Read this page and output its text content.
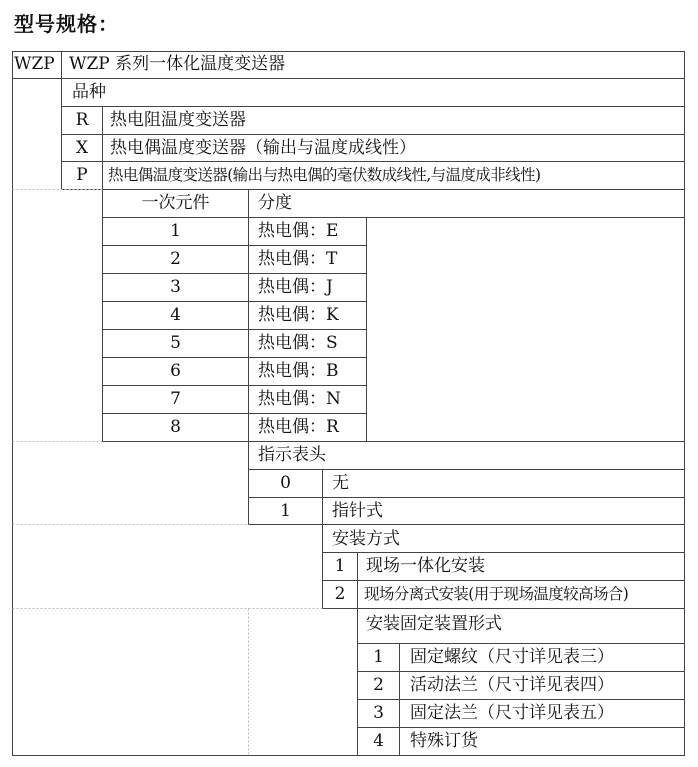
型号规格：
WZP WZP 系列一体化温度变送器
品种
R	热电阻温度变送器
X	热电偶温度变送器（输出与温度成线性）
P	热电偶温度变送器(输出与热电偶的毫伏数成线性,与温度成非线性)
一次元件	分度
1	热电偶：E
2	热电偶：T
3	热电偶：J
4	热电偶：K
5	热电偶：S
6	热电偶：B
7	热电偶：N
8	热电偶：R
指示表头
0	无
1	指针式
安装方式
1	现场一体化安装
2	现场分离式安装(用于现场温度较高场合)
安装固定装置形式
1	固定螺纹（尺寸详见表三）
2	活动法兰（尺寸详见表四）
3	固定法兰（尺寸详见表五）
4	特殊订货
